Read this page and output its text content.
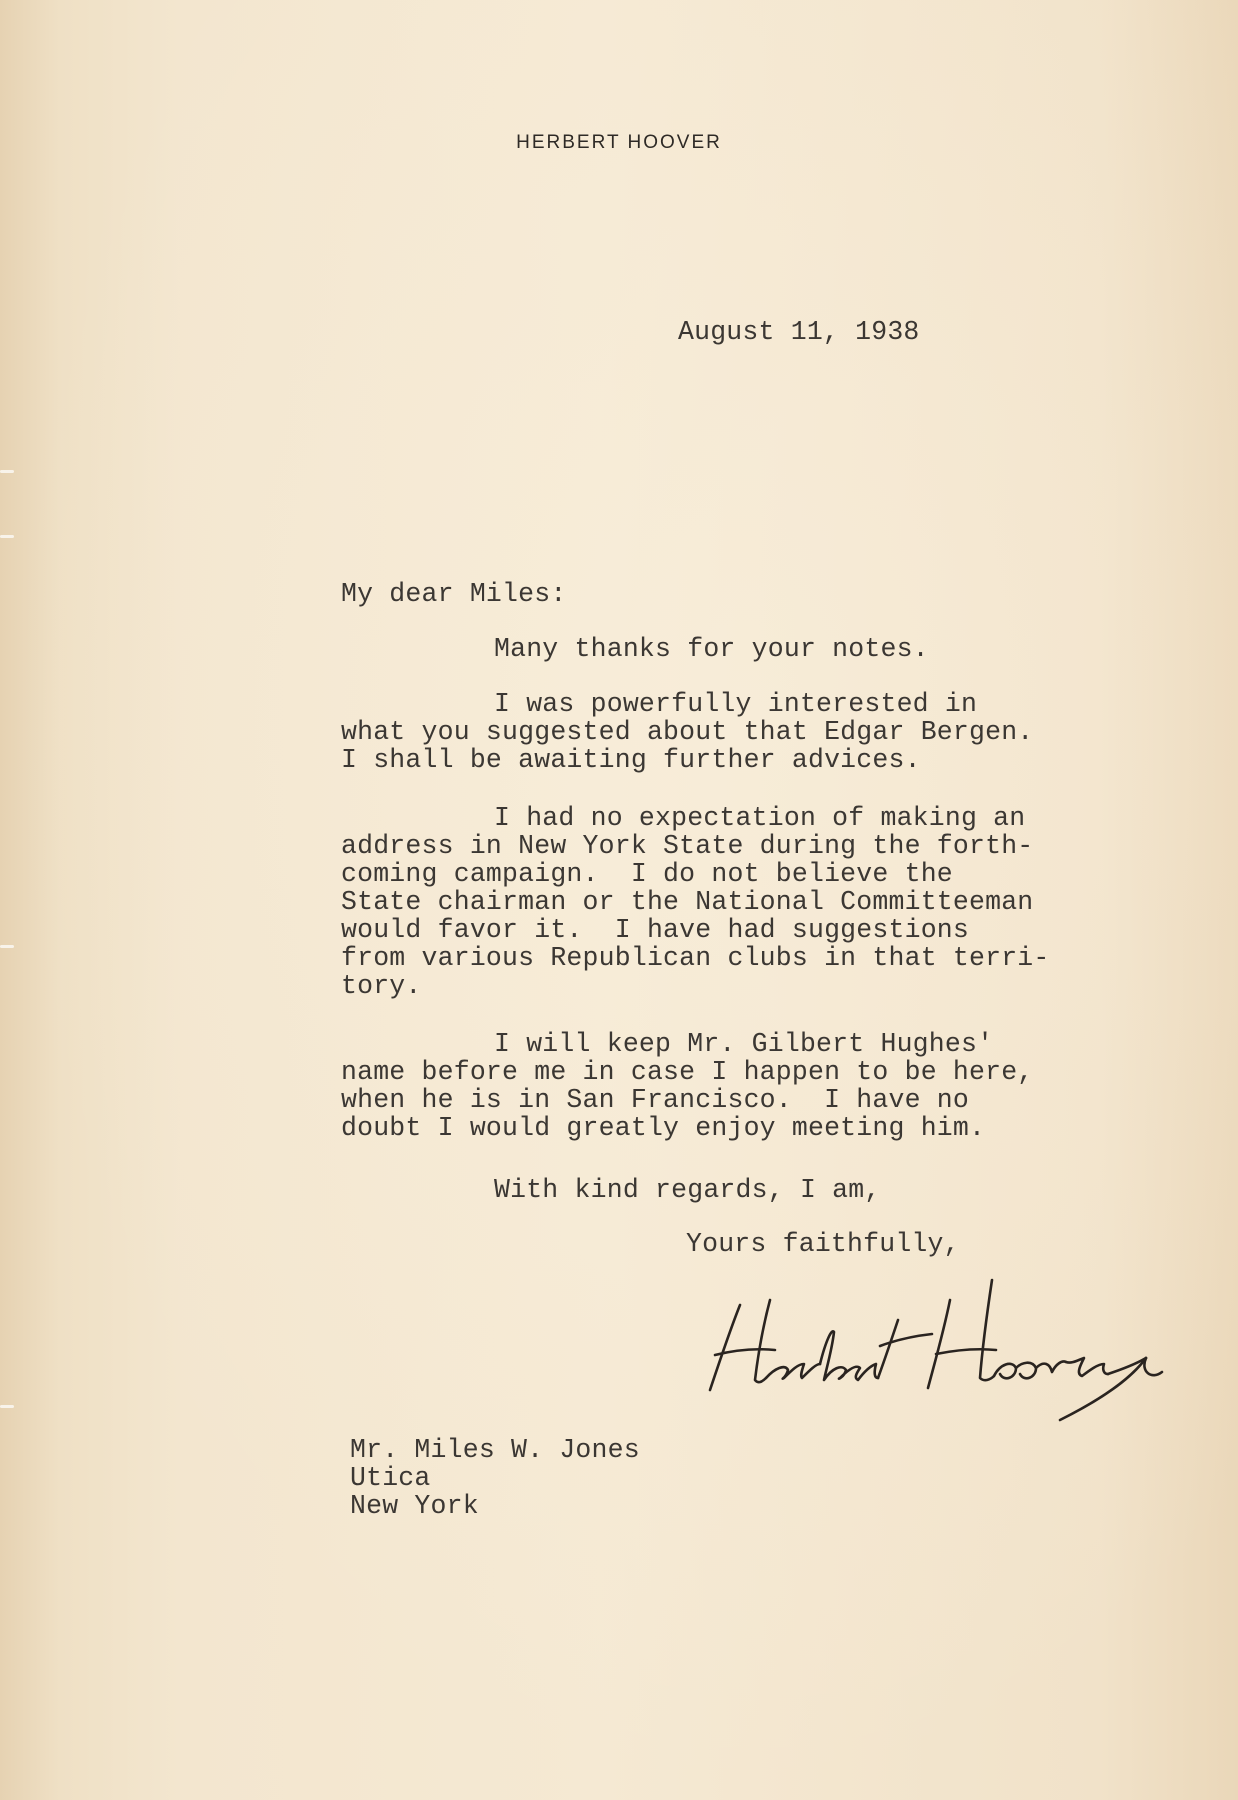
HERBERT HOOVER
August 11, 1938
My dear Miles:
Many thanks for your notes.
I was powerfully interested in
what you suggested about that Edgar Bergen.
I shall be awaiting further advices.
I had no expectation of making an
address in New York State during the forth-
coming campaign.  I do not believe the
State chairman or the National Committeeman
would favor it.  I have had suggestions
from various Republican clubs in that terri-
tory.
I will keep Mr. Gilbert Hughes'
name before me in case I happen to be here,
when he is in San Francisco.  I have no
doubt I would greatly enjoy meeting him.
With kind regards, I am,
Yours faithfully,
Mr. Miles W. Jones
Utica
New York
